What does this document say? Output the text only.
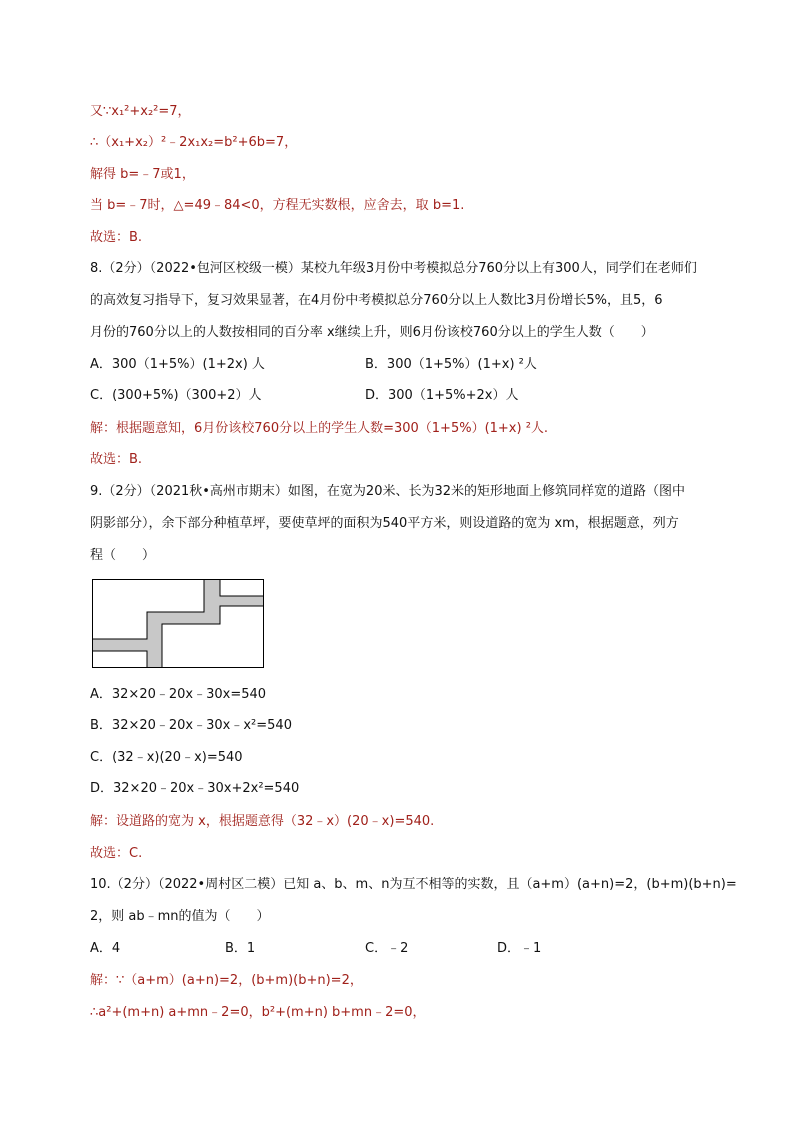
又∵x₁²+x₂²=7，
∴（x₁+x₂）²﹣2x₁x₂=b²+6b=7，
解得 b=﹣7或1，
当 b=﹣7时，△=49﹣84<0，方程无实数根，应舍去，取 b=1.
故选：B.
8.（2分）（2022•包河区校级一模）某校九年级3月份中考模拟总分760分以上有300人，同学们在老师们
的高效复习指导下，复习效果显著，在4月份中考模拟总分760分以上人数比3月份增长5%，且5，6
月份的760分以上的人数按相同的百分率 x继续上升，则6月份该校760分以上的学生人数（　　）
A．300（1+5%）(1+2x) 人	B．300（1+5%）(1+x) ²人
C．(300+5%)（300+2）人	D．300（1+5%+2x）人
解：根据题意知，6月份该校760分以上的学生人数=300（1+5%）(1+x) ²人.
故选：B.
9.（2分）（2021秋•高州市期末）如图，在宽为20米、长为32米的矩形地面上修筑同样宽的道路（图中
阴影部分），余下部分种植草坪，要使草坪的面积为540平方米，则设道路的宽为 xm，根据题意，列方
程（　　）
A．32×20﹣20x﹣30x=540
B．32×20﹣20x﹣30x﹣x²=540
C．(32﹣x)(20﹣x)=540
D．32×20﹣20x﹣30x+2x²=540
解：设道路的宽为 x，根据题意得（32﹣x）(20﹣x)=540.
故选：C.
10.（2分）（2022•周村区二模）已知 a、b、m、n为互不相等的实数，且（a+m）(a+n)=2，(b+m)(b+n)=
2，则 ab﹣mn的值为（　　）
A．4	B．1	C．﹣2	D．﹣1
解：∵（a+m）(a+n)=2，(b+m)(b+n)=2，
∴a²+(m+n) a+mn﹣2=0，b²+(m+n) b+mn﹣2=0，
